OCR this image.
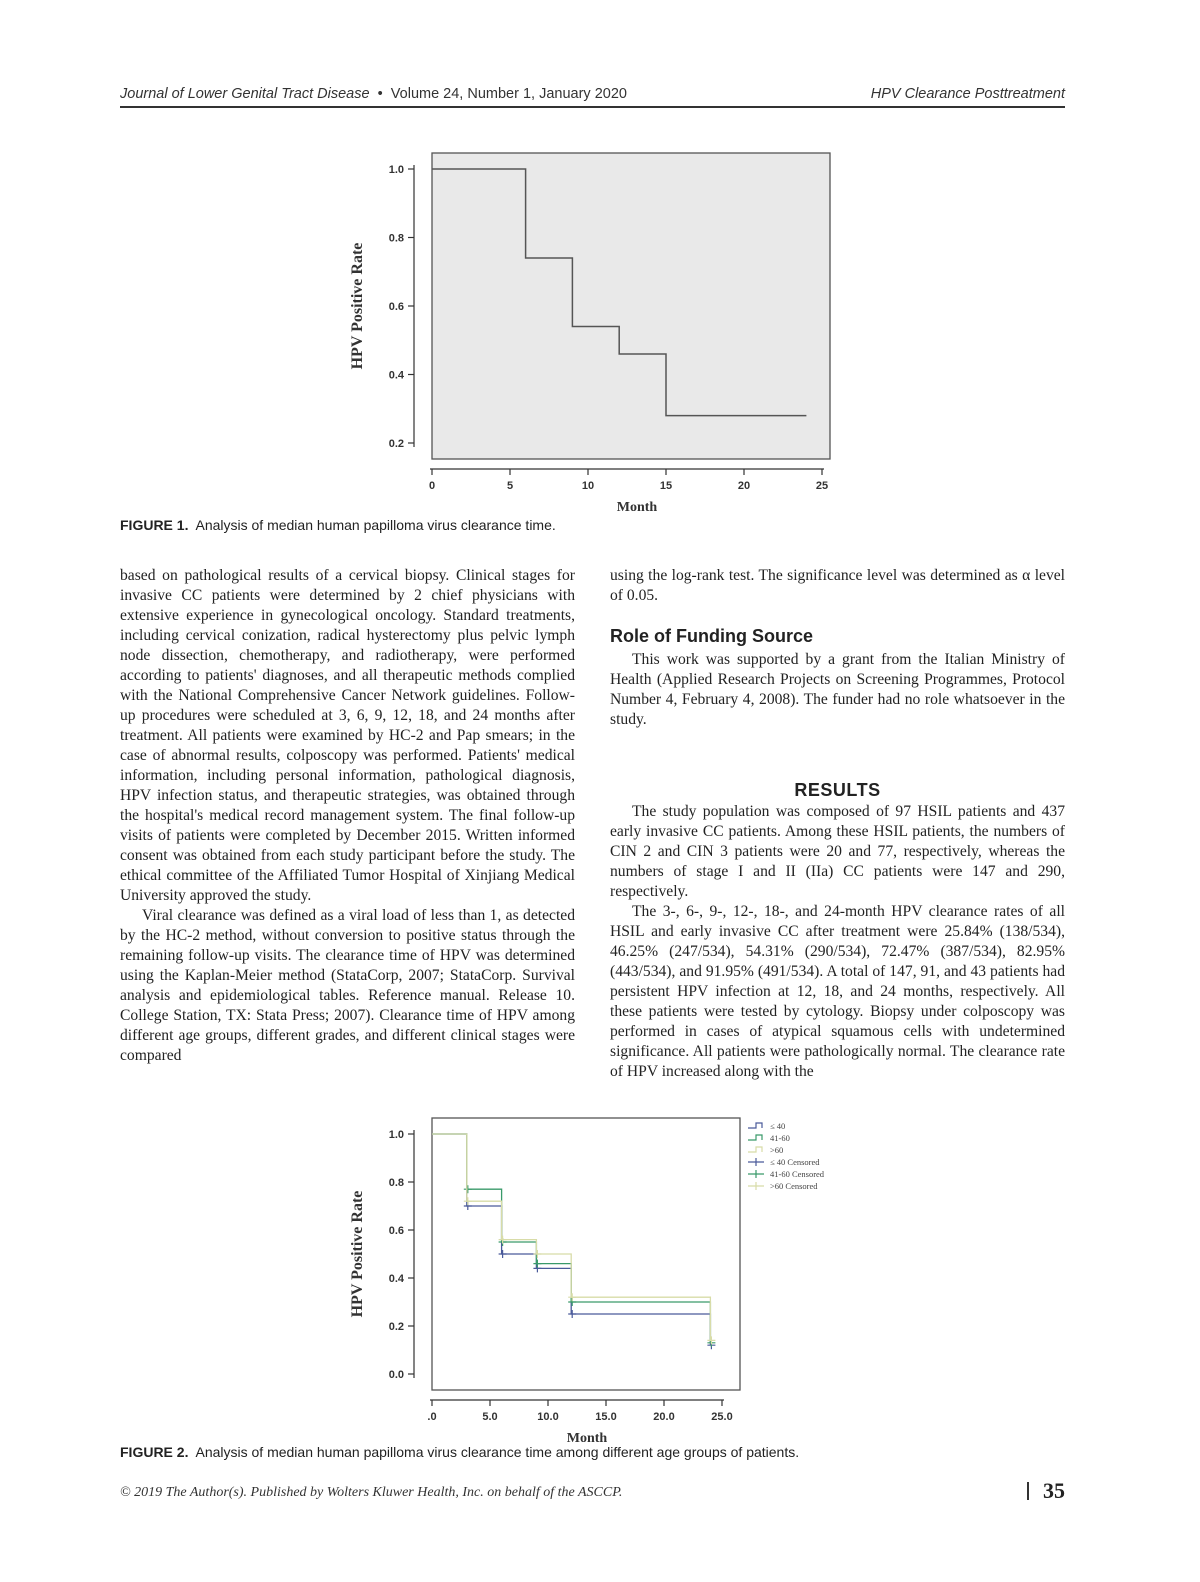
Journal of Lower Genital Tract Disease  •  Volume 24, Number 1, January 2020	HPV Clearance Posttreatment
0.2
0.4
0.6
0.8
1.0
0	5	10	15	20	25
Month
HPV Positive Rate
FIGURE 1. Analysis of median human papilloma virus clearance time.

based on pathological results of a cervical biopsy. Clinical stages for invasive CC patients were determined by 2 chief physicians with extensive experience in gynecological oncology. Standard treatments, including cervical conization, radical hysterectomy plus pelvic lymph node dissection, chemotherapy, and radiotherapy, were performed according to patients' diagnoses, and all therapeutic methods complied with the National Comprehensive Cancer Network guidelines. Follow-up procedures were scheduled at 3, 6, 9, 12, 18, and 24 months after treatment. All patients were examined by HC-2 and Pap smears; in the case of abnormal results, colposcopy was performed. Patients' medical information, including personal information, pathological diagnosis, HPV infection status, and therapeutic strategies, was obtained through the hospital's medical record management system. The final follow-up visits of patients were completed by December 2015. Written informed consent was obtained from each study participant before the study. The ethical committee of the Affiliated Tumor Hospital of Xinjiang Medical University approved the study.

Viral clearance was defined as a viral load of less than 1, as detected by the HC-2 method, without conversion to positive status through the remaining follow-up visits. The clearance time of HPV was determined using the Kaplan-Meier method (StataCorp, 2007; StataCorp. Survival analysis and epidemiological tables. Reference manual. Release 10. College Station, TX: Stata Press; 2007). Clearance time of HPV among different age groups, different grades, and different clinical stages were compared

using the log-rank test. The significance level was determined as α level of 0.05.

Role of Funding Source

This work was supported by a grant from the Italian Ministry of Health (Applied Research Projects on Screening Programmes, Protocol Number 4, February 4, 2008). The funder had no role whatsoever in the study.

RESULTS

The study population was composed of 97 HSIL patients and 437 early invasive CC patients. Among these HSIL patients, the numbers of CIN 2 and CIN 3 patients were 20 and 77, respectively, whereas the numbers of stage I and II (IIa) CC patients were 147 and 290, respectively.

The 3-, 6-, 9-, 12-, 18-, and 24-month HPV clearance rates of all HSIL and early invasive CC after treatment were 25.84% (138/534), 46.25% (247/534), 54.31% (290/534), 72.47% (387/534), 82.95% (443/534), and 91.95% (491/534). A total of 147, 91, and 43 patients had persistent HPV infection at 12, 18, and 24 months, respectively. All these patients were tested by cytology. Biopsy under colposcopy was performed in cases of atypical squamous cells with undetermined significance. All patients were pathologically normal. The clearance rate of HPV increased along with the

0.0
0.2
0.4
0.6
0.8
1.0
.0	5.0	10.0	15.0	20.0	25.0
Month
HPV Positive Rate
≤ 40
41-60
>60
≤ 40 Censored
41-60 Censored
>60 Censored
FIGURE 2. Analysis of median human papilloma virus clearance time among different age groups of patients.
© 2019 The Author(s). Published by Wolters Kluwer Health, Inc. on behalf of the ASCCP.	35
